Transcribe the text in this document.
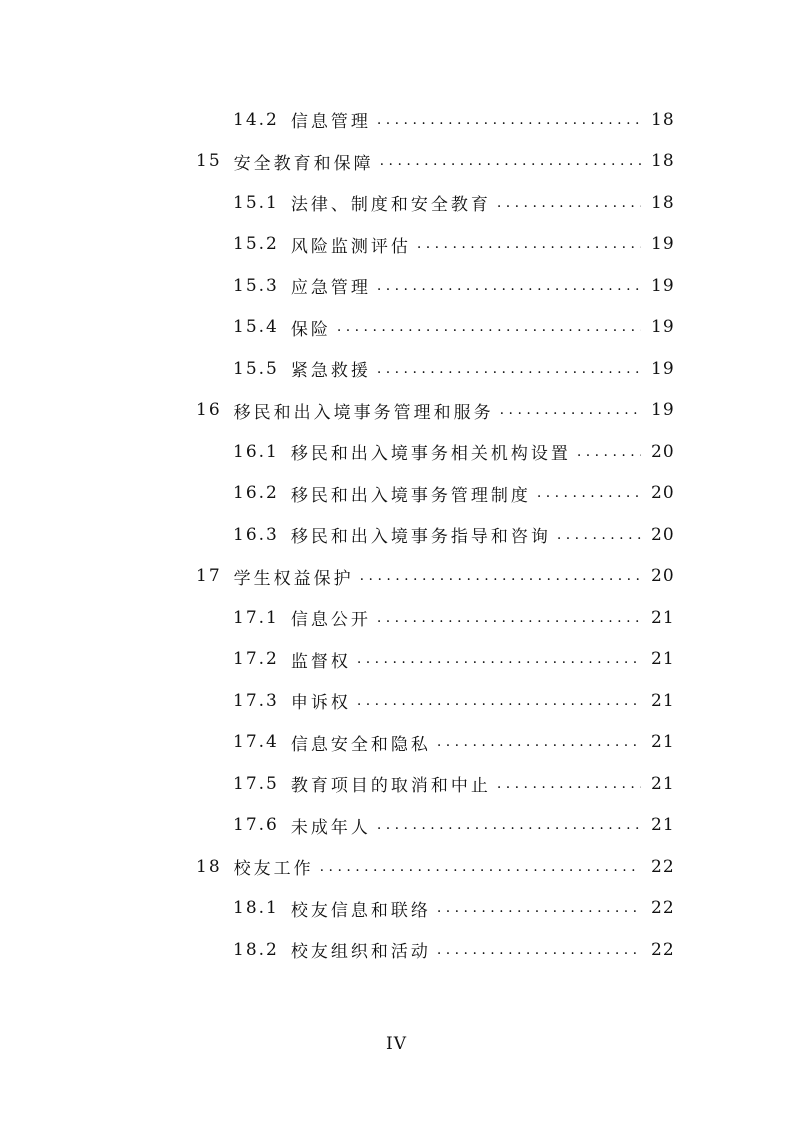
14.2 信息管理 . . .	18
15 安全教育和保障 . . .	18
15.1 法律、制度和安全教育 . . .	18
15.2 风险监测评估 . . .	19
15.3 应急管理 . . .	19
15.4 保险 . . .	19
15.5 紧急救援 . . .	19
16 移民和出入境事务管理和服务 . . .	19
16.1 移民和出入境事务相关机构设置 . . .	20
16.2 移民和出入境事务管理制度 . . .	20
16.3 移民和出入境事务指导和咨询 . . .	20
17 学生权益保护 . . .	20
17.1 信息公开 . . .	21
17.2 监督权 . . .	21
17.3 申诉权 . . .	21
17.4 信息安全和隐私 . . .	21
17.5 教育项目的取消和中止 . . .	21
17.6 未成年人 . . .	21
18 校友工作 . . .	22
18.1 校友信息和联络 . . .	22
18.2 校友组织和活动 . . .	22
IV
